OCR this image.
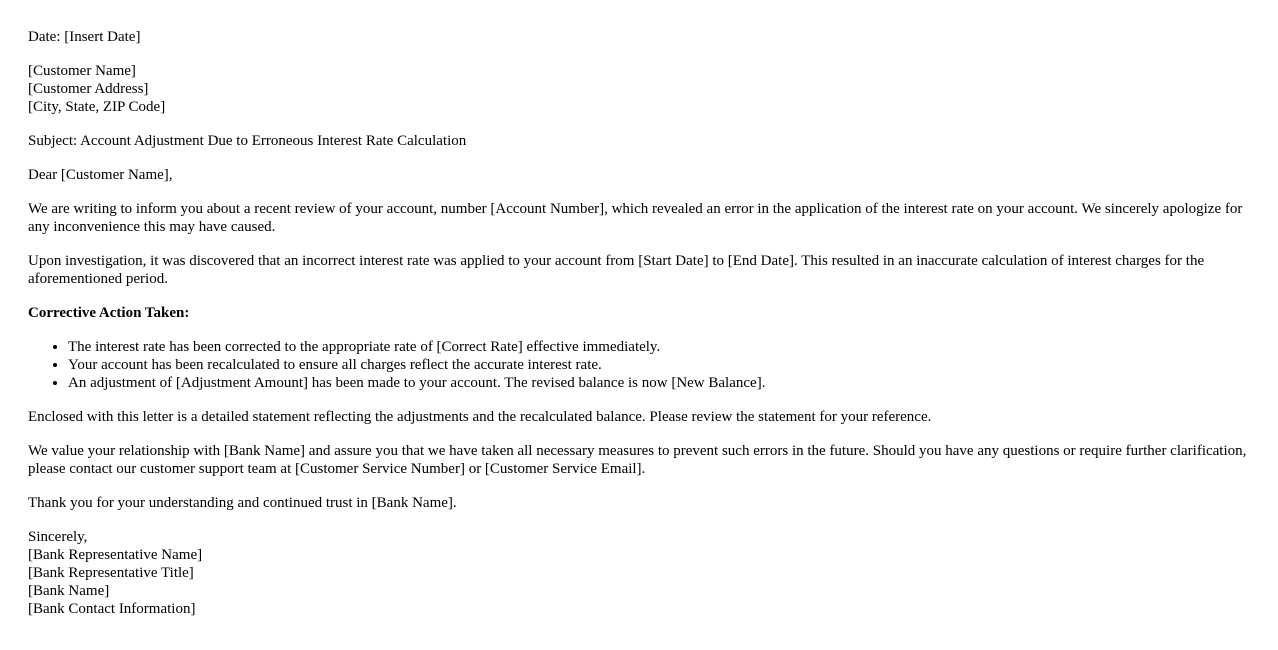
Date: [Insert Date]

[Customer Name]
[Customer Address]
[City, State, ZIP Code]

Subject: Account Adjustment Due to Erroneous Interest Rate Calculation

Dear [Customer Name],

We are writing to inform you about a recent review of your account, number [Account Number], which revealed an error in the application of the interest rate on your account. We sincerely apologize for any inconvenience this may have caused.

Upon investigation, it was discovered that an incorrect interest rate was applied to your account from [Start Date] to [End Date]. This resulted in an inaccurate calculation of interest charges for the aforementioned period.

Corrective Action Taken:

• The interest rate has been corrected to the appropriate rate of [Correct Rate] effective immediately.
• Your account has been recalculated to ensure all charges reflect the accurate interest rate.
• An adjustment of [Adjustment Amount] has been made to your account. The revised balance is now [New Balance].

Enclosed with this letter is a detailed statement reflecting the adjustments and the recalculated balance. Please review the statement for your reference.

We value your relationship with [Bank Name] and assure you that we have taken all necessary measures to prevent such errors in the future. Should you have any questions or require further clarification, please contact our customer support team at [Customer Service Number] or [Customer Service Email].

Thank you for your understanding and continued trust in [Bank Name].

Sincerely,
[Bank Representative Name]
[Bank Representative Title]
[Bank Name]
[Bank Contact Information]
